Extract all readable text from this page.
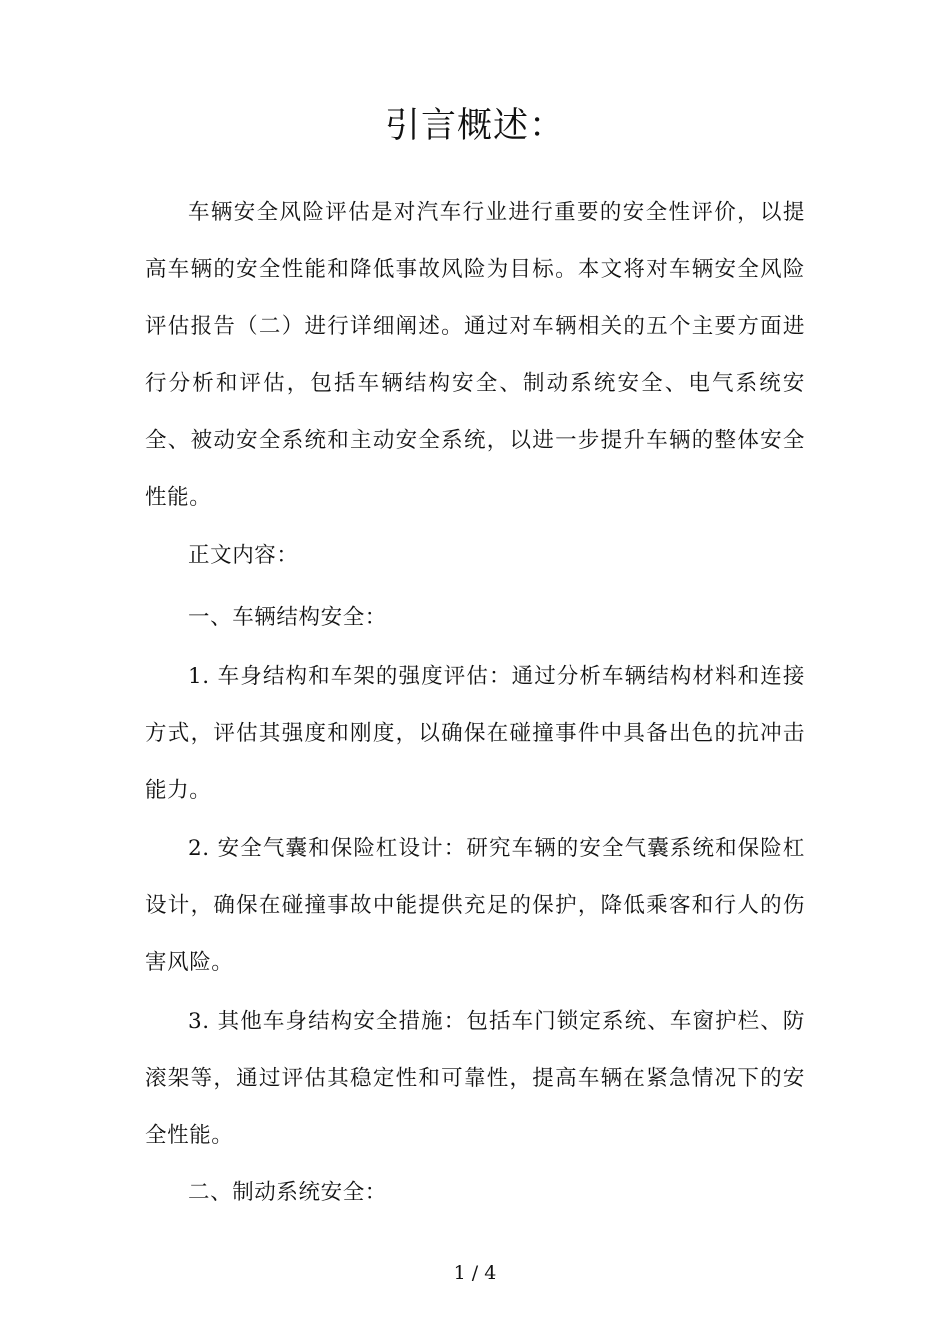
引言概述：

车辆安全风险评估是对汽车行业进行重要的安全性评价，以提高车辆的安全性能和降低事故风险为目标。本文将对车辆安全风险评估报告（二）进行详细阐述。通过对车辆相关的五个主要方面进行分析和评估，包括车辆结构安全、制动系统安全、电气系统安全、被动安全系统和主动安全系统，以进一步提升车辆的整体安全性能。

正文内容：

一、车辆结构安全：

1. 车身结构和车架的强度评估：通过分析车辆结构材料和连接方式，评估其强度和刚度，以确保在碰撞事件中具备出色的抗冲击能力。

2. 安全气囊和保险杠设计：研究车辆的安全气囊系统和保险杠设计，确保在碰撞事故中能提供充足的保护，降低乘客和行人的伤害风险。

3. 其他车身结构安全措施：包括车门锁定系统、车窗护栏、防滚架等，通过评估其稳定性和可靠性，提高车辆在紧急情况下的安全性能。

二、制动系统安全：

1 / 4
